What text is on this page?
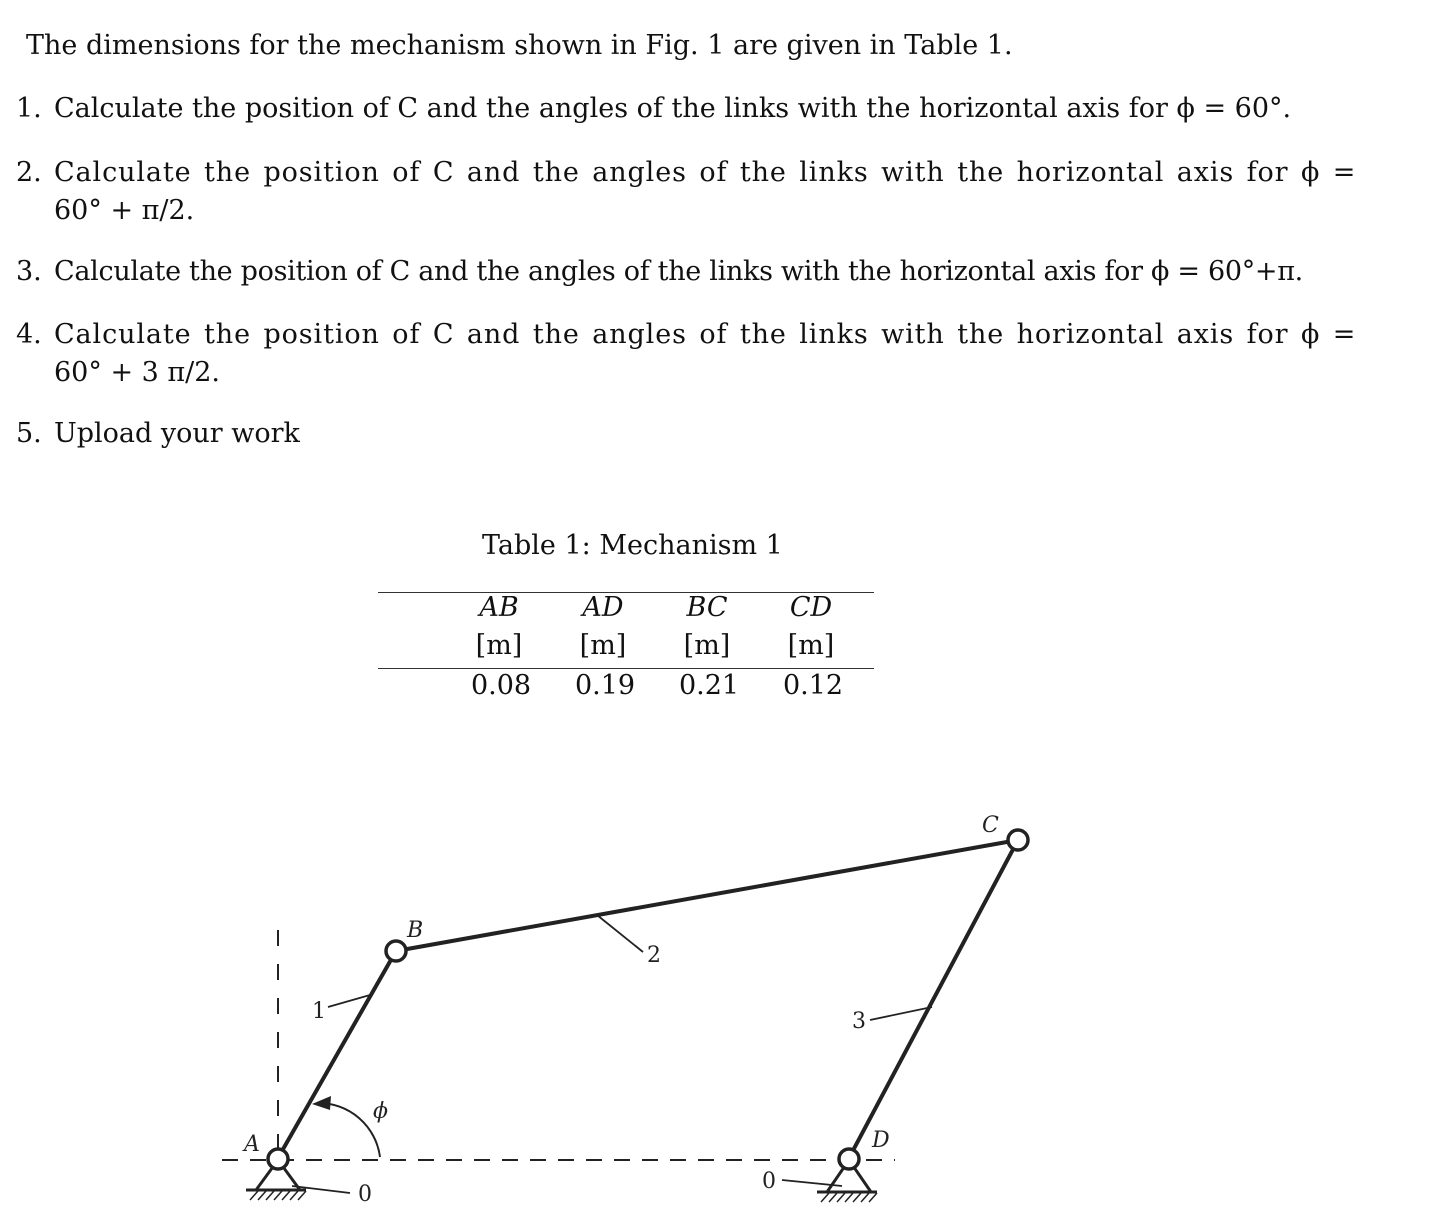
The dimensions for the mechanism shown in Fig. 1 are given in Table 1.
1. Calculate the position of C and the angles of the links with the horizontal axis for ϕ = 60°.
2. Calculate the position of C and the angles of the links with the horizontal axis for ϕ =
60° + π/2.
3. Calculate the position of C and the angles of the links with the horizontal axis for ϕ = 60°+π.
4. Calculate the position of C and the angles of the links with the horizontal axis for ϕ =
60° + 3 π/2.
5. Upload your work
Table 1: Mechanism 1
AB	AD	BC	CD
[m]	[m]	[m]	[m]
0.08	0.19	0.21	0.12
A
B
C
D
1
2
3
0
0
ϕ
